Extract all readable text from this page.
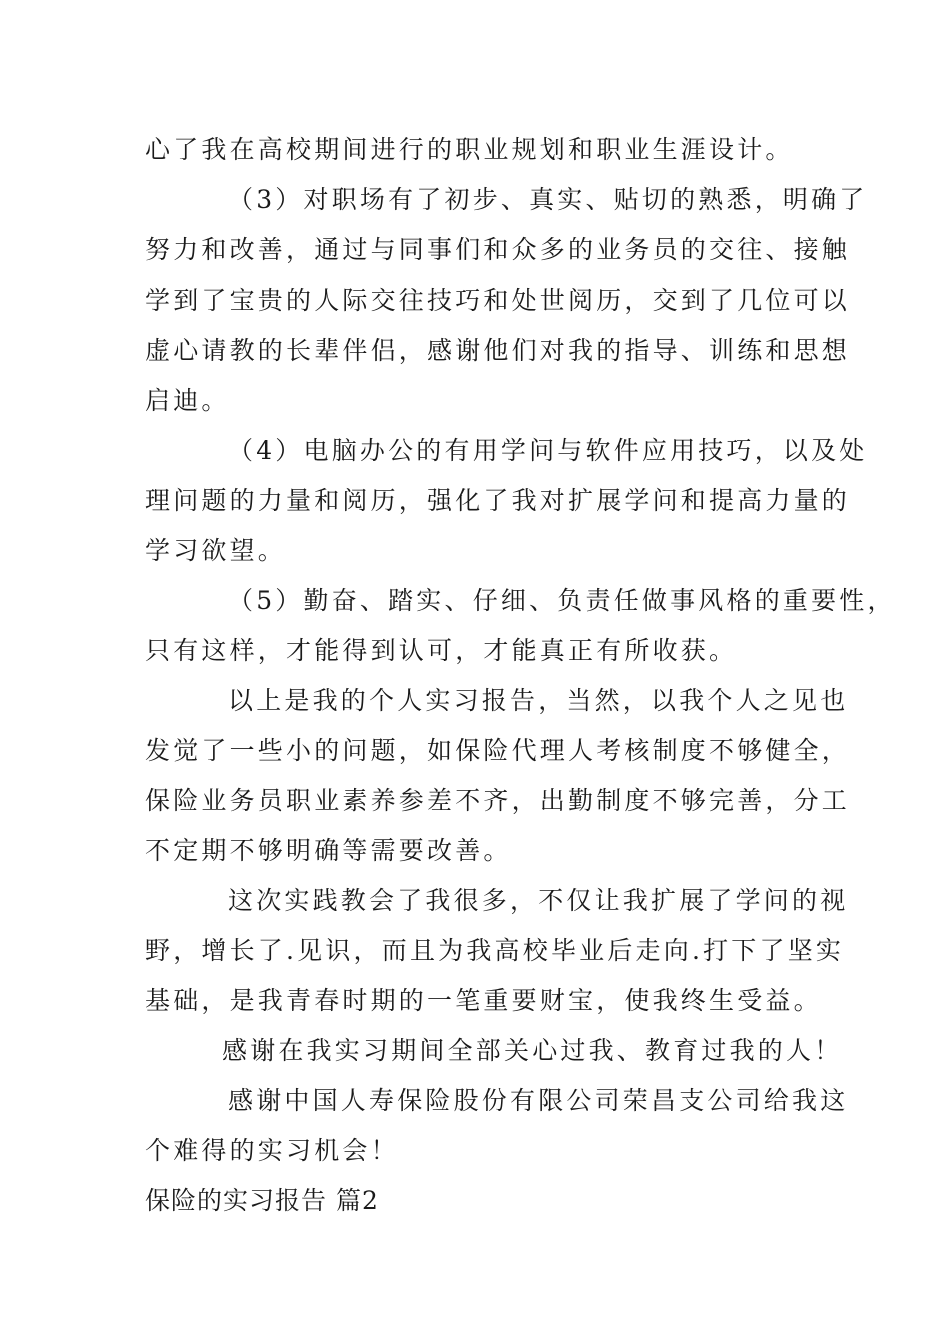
心了我在高校期间进行的职业规划和职业生涯设计。

（3）对职场有了初步、真实、贴切的熟悉，明确了

努力和改善，通过与同事们和众多的业务员的交往、接触

学到了宝贵的人际交往技巧和处世阅历，交到了几位可以

虚心请教的长辈伴侣，感谢他们对我的指导、训练和思想

启迪。

（4）电脑办公的有用学问与软件应用技巧，以及处

理问题的力量和阅历，强化了我对扩展学问和提高力量的

学习欲望。

（5）勤奋、踏实、仔细、负责任做事风格的重要性，

只有这样，才能得到认可，才能真正有所收获。

以上是我的个人实习报告，当然，以我个人之见也

发觉了一些小的问题，如保险代理人考核制度不够健全，

保险业务员职业素养参差不齐，出勤制度不够完善，分工

不定期不够明确等需要改善。

这次实践教会了我很多，不仅让我扩展了学问的视

野，增长了.见识，而且为我高校毕业后走向.打下了坚实

基础，是我青春时期的一笔重要财宝，使我终生受益。

感谢在我实习期间全部关心过我、教育过我的人！

感谢中国人寿保险股份有限公司荣昌支公司给我这

个难得的实习机会！

保险的实习报告 篇2
